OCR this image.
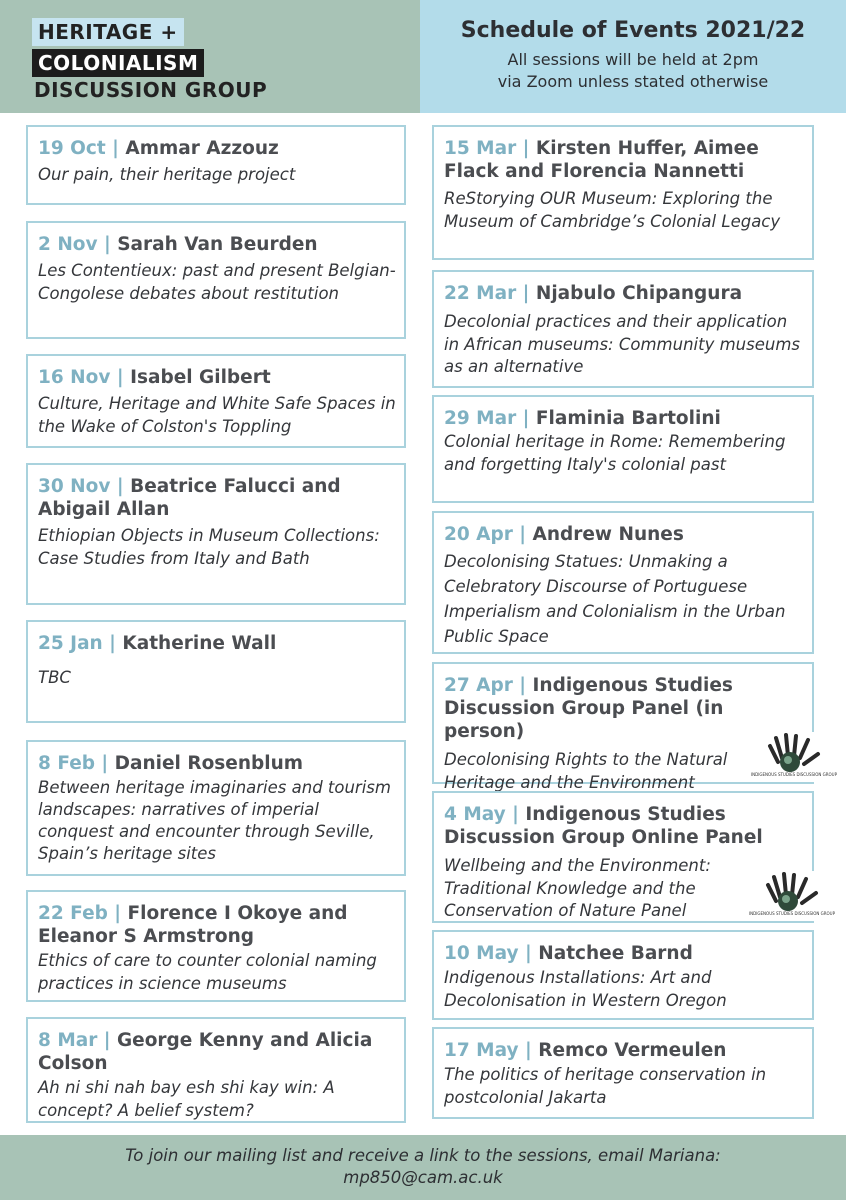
HERITAGE +
COLONIALISM
DISCUSSION GROUP
Schedule of Events 2021/22
All sessions will be held at 2pm
via Zoom unless stated otherwise
19 Oct | Ammar Azzouz
Our pain, their heritage project
2 Nov | Sarah Van Beurden
Les Contentieux: past and present Belgian-Congolese debates about restitution
16 Nov | Isabel Gilbert
Culture, Heritage and White Safe Spaces in the Wake of Colston's Toppling
30 Nov | Beatrice Falucci and Abigail Allan
Ethiopian Objects in Museum Collections: Case Studies from Italy and Bath
25 Jan | Katherine Wall
TBC
8 Feb | Daniel Rosenblum
Between heritage imaginaries and tourism landscapes: narratives of imperial conquest and encounter through Seville, Spain’s heritage sites
22 Feb | Florence I Okoye and Eleanor S Armstrong
Ethics of care to counter colonial naming practices in science museums
8 Mar | George Kenny and Alicia Colson
Ah ni shi nah bay esh shi kay win: A concept? A belief system?
15 Mar | Kirsten Huffer, Aimee Flack and Florencia Nannetti
ReStorying OUR Museum: Exploring the Museum of Cambridge’s Colonial Legacy
22 Mar | Njabulo Chipangura
Decolonial practices and their application in African museums: Community museums as an alternative
29 Mar | Flaminia Bartolini
Colonial heritage in Rome: Remembering and forgetting Italy's colonial past
20 Apr | Andrew Nunes
Decolonising Statues: Unmaking a Celebratory Discourse of Portuguese Imperialism and Colonialism in the Urban Public Space
27 Apr | Indigenous Studies Discussion Group Panel (in person)
Decolonising Rights to the Natural Heritage and the Environment	INDIGENOUS STUDIES DISCUSSION GROUP
4 May | Indigenous Studies Discussion Group Online Panel
Wellbeing and the Environment: Traditional Knowledge and the Conservation of Nature Panel	INDIGENOUS STUDIES DISCUSSION GROUP
10 May | Natchee Barnd
Indigenous Installations: Art and Decolonisation in Western Oregon
17 May | Remco Vermeulen
The politics of heritage conservation in postcolonial Jakarta
To join our mailing list and receive a link to the sessions, email Mariana:
mp850@cam.ac.uk
